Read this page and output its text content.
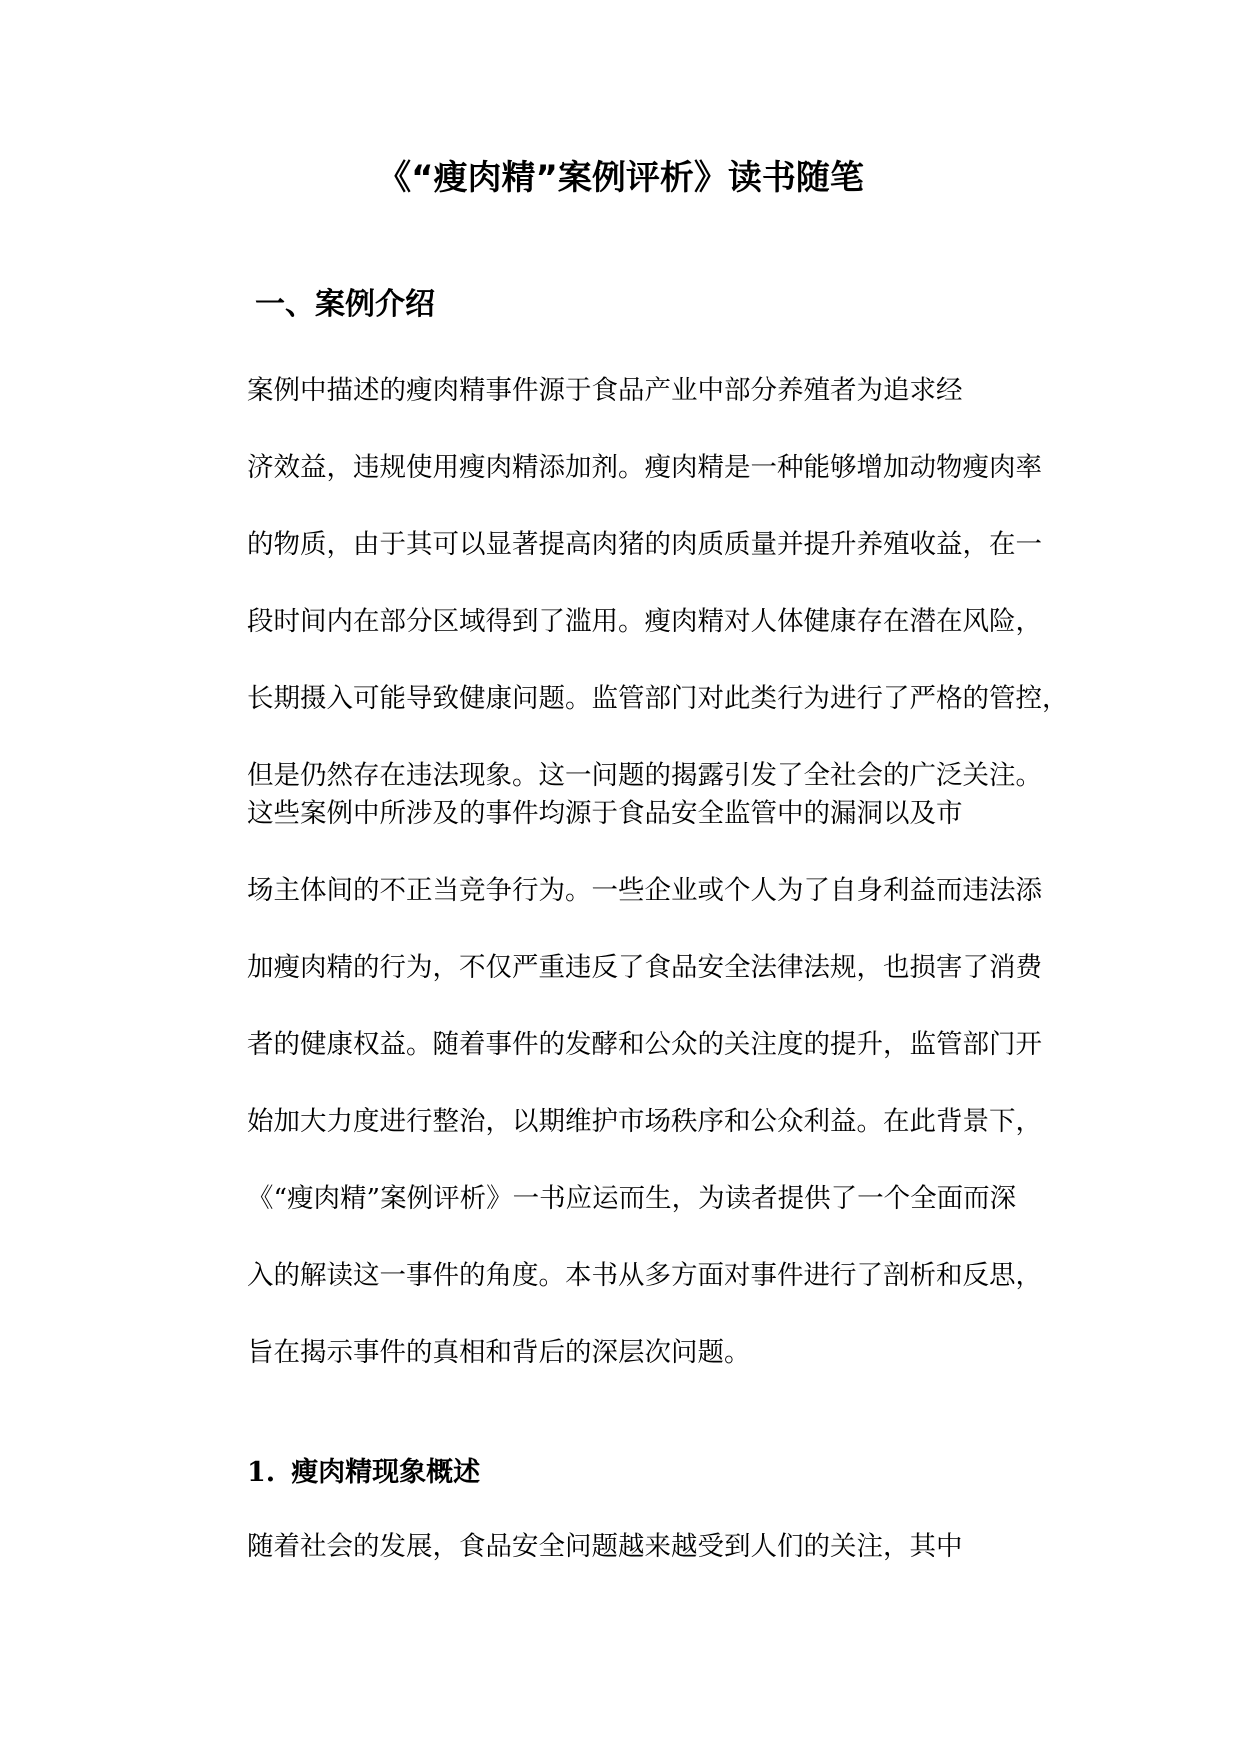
《“瘦肉精”案例评析》读书随笔
一、案例介绍

案例中描述的瘦肉精事件源于食品产业中部分养殖者为追求经
济效益，违规使用瘦肉精添加剂。瘦肉精是一种能够增加动物瘦肉率
的物质，由于其可以显著提高肉猪的肉质质量并提升养殖收益，在一
段时间内在部分区域得到了滥用。瘦肉精对人体健康存在潜在风险，
长期摄入可能导致健康问题。监管部门对此类行为进行了严格的管控，
但是仍然存在违法现象。这一问题的揭露引发了全社会的广泛关注。

这些案例中所涉及的事件均源于食品安全监管中的漏洞以及市
场主体间的不正当竞争行为。一些企业或个人为了自身利益而违法添
加瘦肉精的行为，不仅严重违反了食品安全法律法规，也损害了消费
者的健康权益。随着事件的发酵和公众的关注度的提升，监管部门开
始加大力度进行整治，以期维护市场秩序和公众利益。在此背景下，
《“瘦肉精”案例评析》一书应运而生，为读者提供了一个全面而深
入的解读这一事件的角度。本书从多方面对事件进行了剖析和反思，
旨在揭示事件的真相和背后的深层次问题。

1. 瘦肉精现象概述

随着社会的发展，食品安全问题越来越受到人们的关注，其中
